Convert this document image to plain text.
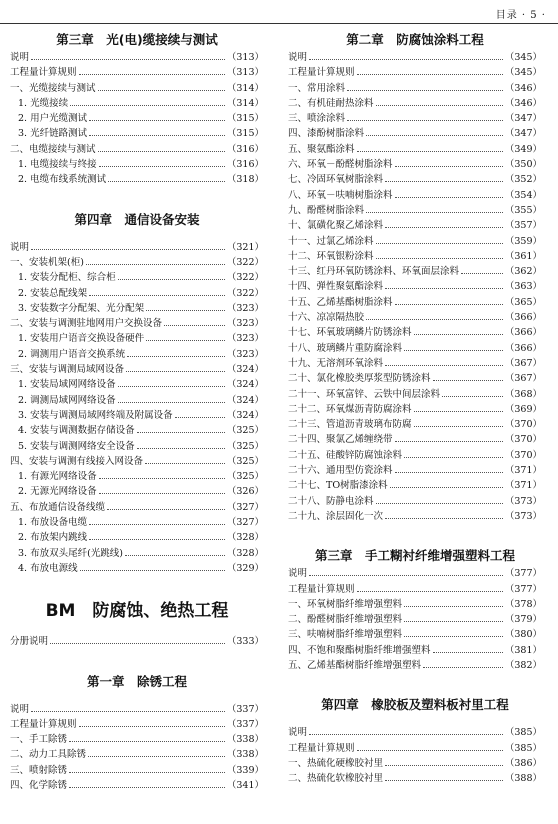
目录 · 5 ·
第三章　光(电)缆接续与测试
说明	（313）
工程量计算规则	（313）
一、光缆接续与测试	（314）
1. 光缆接续	（314）
2. 用户光缆测试	（315）
3. 光纤链路测试	（315）
二、电缆接续与测试	（316）
1. 电缆接续与终接	（316）
2. 电缆布线系统测试	（318）
第四章　通信设备安装
说明	（321）
一、安装机架(柜)	（322）
1. 安装分配柜、综合柜	（322）
2. 安装总配线架	（322）
3. 安装数字分配架、光分配架	（323）
二、安装与调测驻地网用户交换设备	（323）
1. 安装用户语音交换设备硬件	（323）
2. 调测用户语音交换系统	（323）
三、安装与调测局域网设备	（324）
1. 安装局域网网络设备	（324）
2. 调测局域网网络设备	（324）
3. 安装与调测局域网终端及附属设备	（324）
4. 安装与调测数据存储设备	（325）
5. 安装与调测网络安全设备	（325）
四、安装与调测有线接入网设备	（325）
1. 有源光网络设备	（325）
2. 无源光网络设备	（326）
五、布放通信设备线缆	（327）
1. 布放设备电缆	（327）
2. 布放架内跳线	（328）
3. 布放双头尾纤(光跳线)	（328）
4. 布放电源线	（329）
BM　防腐蚀、绝热工程
分册说明	（333）
第一章　除锈工程
说明	（337）
工程量计算规则	（337）
一、手工除锈	（338）
二、动力工具除锈	（338）
三、喷射除锈	（339）
四、化学除锈	（341）
第二章　防腐蚀涂料工程
说明	（345）
工程量计算规则	（345）
一、常用涂料	（346）
二、有机硅耐热涂料	（346）
三、喷涂涂料	（347）
四、漆酚树脂涂料	（347）
五、聚氨酯涂料	（349）
六、环氧－酚醛树脂涂料	（350）
七、冷固环氧树脂涂料	（352）
八、环氧－呋喃树脂涂料	（354）
九、酚醛树脂涂料	（355）
十、氯磺化聚乙烯涂料	（357）
十一、过氯乙烯涂料	（359）
十二、环氧银粉涂料	（361）
十三、红丹环氧防锈涂料、环氧面层涂料	（362）
十四、弹性聚氨酯涂料	（363）
十五、乙烯基酯树脂涂料	（365）
十六、凉凉隔热胶	（366）
十七、环氧玻璃鳞片防锈涂料	（366）
十八、玻璃鳞片重防腐涂料	（366）
十九、无溶剂环氧涂料	（367）
二十、氯化橡胶类厚浆型防锈涂料	（367）
二十一、环氧富锌、云铁中间层涂料	（368）
二十二、环氧煤沥青防腐涂料	（369）
二十三、管道沥青玻璃布防腐	（370）
二十四、聚氯乙烯缠绕带	（370）
二十五、硅酸锌防腐蚀涂料	（370）
二十六、通用型仿瓷涂料	（371）
二十七、TO树脂漆涂料	（371）
二十八、防静电涂料	（373）
二十九、涂层固化一次	（373）
第三章　手工糊衬纤维增强塑料工程
说明	（377）
工程量计算规则	（377）
一、环氧树脂纤维增强塑料	（378）
二、酚醛树脂纤维增强塑料	（379）
三、呋喃树脂纤维增强塑料	（380）
四、不饱和聚酯树脂纤维增强塑料	（381）
五、乙烯基酯树脂纤维增强塑料	（382）
第四章　橡胶板及塑料板衬里工程
说明	（385）
工程量计算规则	（385）
一、热硫化硬橡胶衬里	（386）
二、热硫化软橡胶衬里	（388）
